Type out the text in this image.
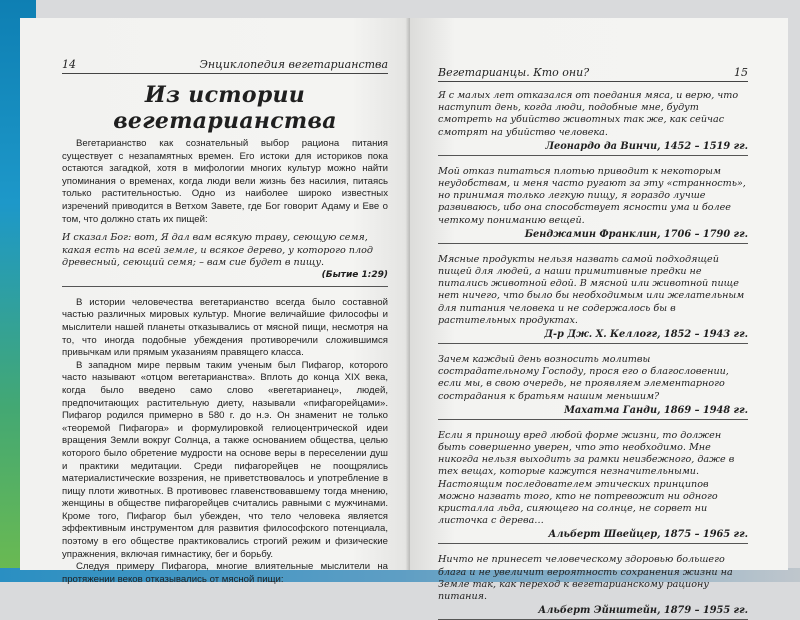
14	Энциклопедия вегетарианства
Из истории вегетарианства

Вегетарианство как сознательный выбор рациона питания существует с незапамятных времен. Его истоки для историков пока остаются загадкой, хотя в мифологии многих культур можно найти упоминания о временах, когда люди вели жизнь без насилия, питаясь только растительностью. Одно из наиболее широко известных изречений приводится в Ветхом Завете, где Бог говорит Адаму и Еве о том, что должно стать их пищей:

И сказал Бог: вот, Я дал вам всякую траву, сеющую семя, какая есть на всей земле, и всякое дерево, у которого плод древесный, сеющий семя; – вам сие будет в пищу.
(Бытие 1:29)

В истории человечества вегетарианство всегда было составной частью различных мировых культур. Многие величайшие философы и мыслители нашей планеты отказывались от мясной пищи, несмотря на то, что иногда подобные убеждения противоречили сложившимся привычкам или прямым указаниям правящего класса.

В западном мире первым таким ученым был Пифагор, которого часто называют «отцом вегетарианства». Вплоть до конца XIX века, когда было введено само слово «вегетарианец», людей, предпочитающих растительную диету, называли «пифагорейцами». Пифагор родился примерно в 580 г. до н.э. Он знаменит не только «теоремой Пифагора» и формулировкой гелиоцентрической идеи вращения Земли вокруг Солнца, а также основанием общества, целью которого было обретение мудрости на основе веры в переселении душ и практики медитации. Среди пифагорейцев не поощрялись материалистические воззрения, не приветствовалось и употребление в пищу плоти животных. В противовес главенствовавшему тогда мнению, женщины в обществе пифагорейцев считались равными с мужчинами. Кроме того, Пифагор был убежден, что тело человека является эффективным инструментом для развития философского потенциала, поэтому в его обществе практиковались строгий режим и физические упражнения, включая гимнастику, бег и борьбу.

Следуя примеру Пифагора, многие влиятельные мыслители на протяжении веков отказывались от мясной пищи:

Вегетарианцы. Кто они?	15

Я с малых лет отказался от поедания мяса, и верю, что наступит день, когда люди, подобные мне, будут смотреть на убийство животных так же, как сейчас смотрят на убийство человека.

Леонардо да Винчи, 1452 – 1519 гг.

Мой отказ питаться плотью приводит к некоторым неудобствам, и меня часто ругают за эту «странность», но принимая только легкую пищу, я гораздо лучше развиваюсь, ибо она способствует ясности ума и более четкому пониманию вещей.

Бенджамин Франклин, 1706 – 1790 гг.

Мясные продукты нельзя назвать самой подходящей пищей для людей, а наши примитивные предки не питались животной едой. В мясной или животной пище нет ничего, что было бы необходимым или желательным для питания человека и не содержалось бы в растительных продуктах.

Д-р Дж. Х. Келлогг, 1852 – 1943 гг.

Зачем каждый день возносить молитвы сострадательному Господу, прося его о благословении, если мы, в свою очередь, не проявляем элементарного сострадания к братьям нашим меньшим?

Махатма Ганди, 1869 – 1948 гг.

Если я приношу вред любой форме жизни, то должен быть совершенно уверен, что это необходимо. Мне никогда нельзя выходить за рамки неизбежного, даже в тех вещах, которые кажутся незначительными. Настоящим последователем этических принципов можно назвать того, кто не потревожит ни одного кристалла льда, сияющего на солнце, не сорвет ни листочка с дерева…

Альберт Швейцер, 1875 – 1965 гг.

Ничто не принесет человеческому здоровью большего блага и не увеличит вероятность сохранения жизни на Земле так, как переход к вегетарианскому рациону питания.

Альберт Эйнштейн, 1879 – 1955 гг.
